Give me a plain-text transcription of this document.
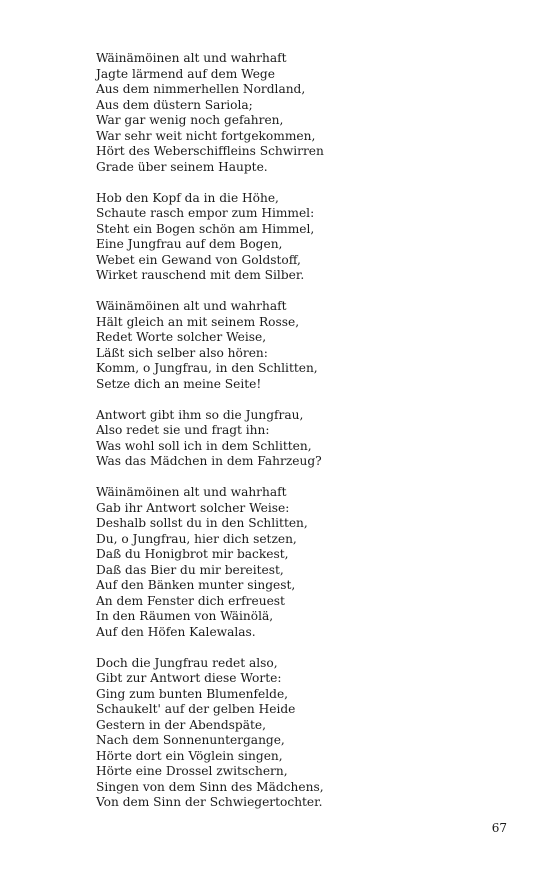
Wäinämöinen alt und wahrhaft
Jagte lärmend auf dem Wege
Aus dem nimmerhellen Nordland,
Aus dem düstern Sariola;
War gar wenig noch gefahren,
War sehr weit nicht fortgekommen,
Hört des Weberschiffleins Schwirren
Grade über seinem Haupte.
Hob den Kopf da in die Höhe,
Schaute rasch empor zum Himmel:
Steht ein Bogen schön am Himmel,
Eine Jungfrau auf dem Bogen,
Webet ein Gewand von Goldstoff,
Wirket rauschend mit dem Silber.
Wäinämöinen alt und wahrhaft
Hält gleich an mit seinem Rosse,
Redet Worte solcher Weise,
Läßt sich selber also hören:
Komm, o Jungfrau, in den Schlitten,
Setze dich an meine Seite!
Antwort gibt ihm so die Jungfrau,
Also redet sie und fragt ihn:
Was wohl soll ich in dem Schlitten,
Was das Mädchen in dem Fahrzeug?
Wäinämöinen alt und wahrhaft
Gab ihr Antwort solcher Weise:
Deshalb sollst du in den Schlitten,
Du, o Jungfrau, hier dich setzen,
Daß du Honigbrot mir backest,
Daß das Bier du mir bereitest,
Auf den Bänken munter singest,
An dem Fenster dich erfreuest
In den Räumen von Wäinölä,
Auf den Höfen Kalewalas.
Doch die Jungfrau redet also,
Gibt zur Antwort diese Worte:
Ging zum bunten Blumenfelde,
Schaukelt' auf der gelben Heide
Gestern in der Abendspäte,
Nach dem Sonnenuntergange,
Hörte dort ein Vöglein singen,
Hörte eine Drossel zwitschern,
Singen von dem Sinn des Mädchens,
Von dem Sinn der Schwiegertochter.
67
